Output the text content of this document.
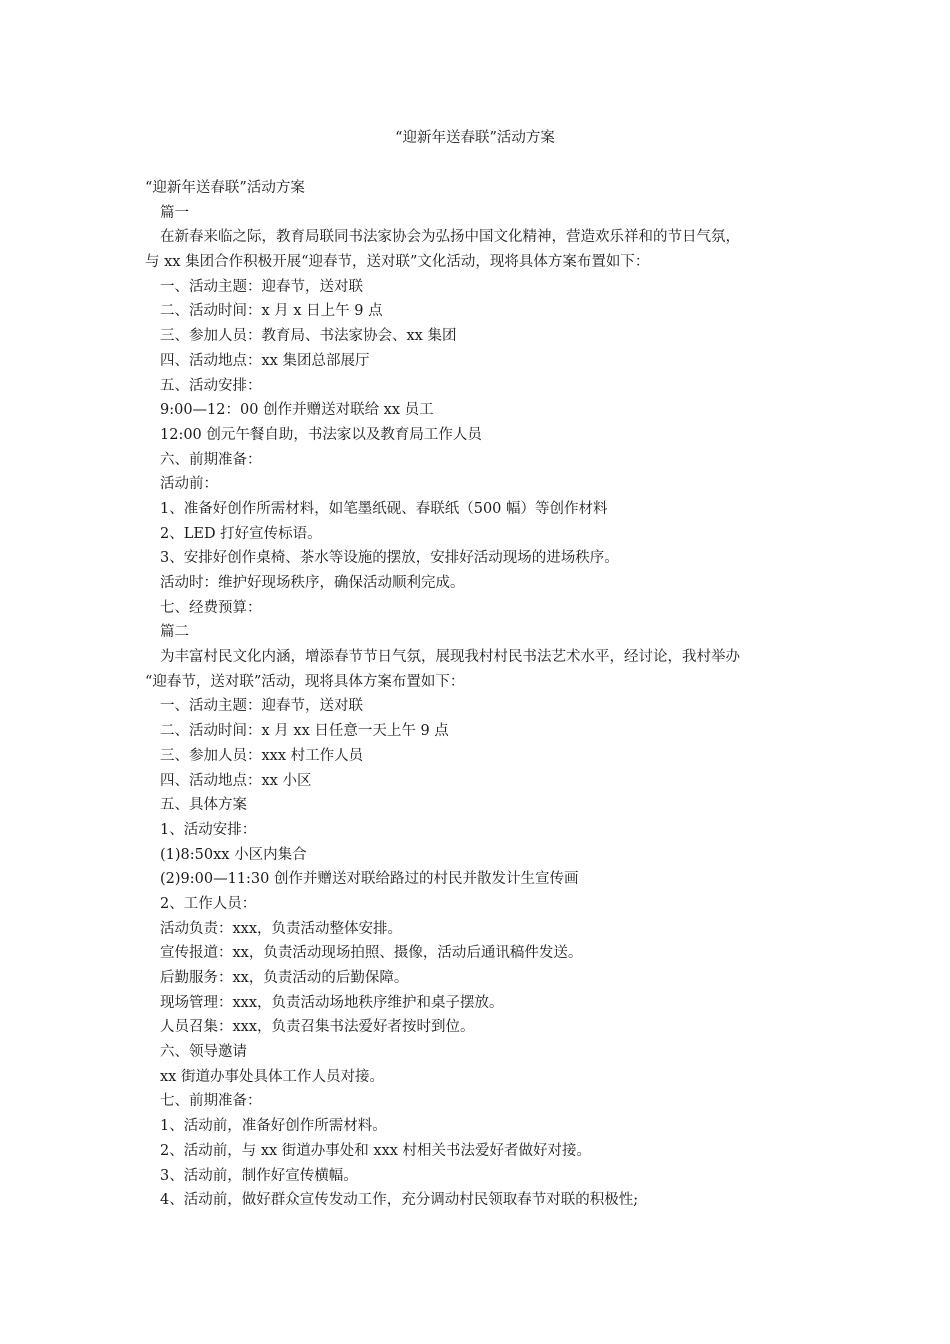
“迎新年送春联”活动方案
“迎新年送春联”活动方案
篇一
在新春来临之际，教育局联同书法家协会为弘扬中国文化精神，营造欢乐祥和的节日气氛，
与 xx 集团合作积极开展“迎春节，送对联”文化活动，现将具体方案布置如下：
一、活动主题：迎春节，送对联
二、活动时间：x 月 x 日上午 9 点
三、参加人员：教育局、书法家协会、xx 集团
四、活动地点：xx 集团总部展厅
五、活动安排：
9:00—12：00 创作并赠送对联给 xx 员工
12:00 创元午餐自助，书法家以及教育局工作人员
六、前期准备：
活动前：
1、准备好创作所需材料，如笔墨纸砚、春联纸（500 幅）等创作材料
2、LED 打好宣传标语。
3、安排好创作桌椅、茶水等设施的摆放，安排好活动现场的进场秩序。
活动时：维护好现场秩序，确保活动顺利完成。
七、经费预算：
篇二
为丰富村民文化内涵，增添春节节日气氛，展现我村村民书法艺术水平，经讨论，我村举办
“迎春节，送对联”活动，现将具体方案布置如下：
一、活动主题：迎春节，送对联
二、活动时间：x 月 xx 日任意一天上午 9 点
三、参加人员：xxx 村工作人员
四、活动地点：xx 小区
五、具体方案
1、活动安排：
(1)8:50xx 小区内集合
(2)9:00—11:30 创作并赠送对联给路过的村民并散发计生宣传画
2、工作人员：
活动负责：xxx，负责活动整体安排。
宣传报道：xx，负责活动现场拍照、摄像，活动后通讯稿件发送。
后勤服务：xx，负责活动的后勤保障。
现场管理：xxx，负责活动场地秩序维护和桌子摆放。
人员召集：xxx，负责召集书法爱好者按时到位。
六、领导邀请
xx 街道办事处具体工作人员对接。
七、前期准备：
1、活动前，准备好创作所需材料。
2、活动前，与 xx 街道办事处和 xxx 村相关书法爱好者做好对接。
3、活动前，制作好宣传横幅。
4、活动前，做好群众宣传发动工作，充分调动村民领取春节对联的积极性;
